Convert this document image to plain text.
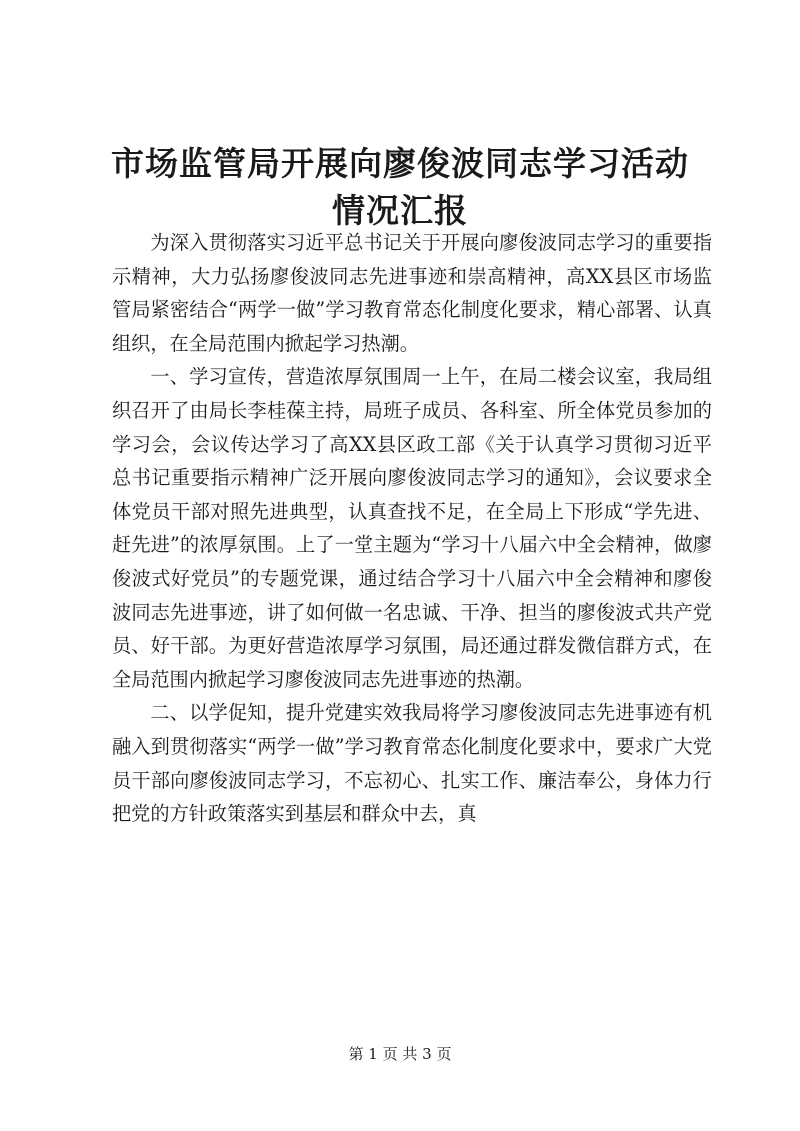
市场监管局开展向廖俊波同志学习活动情况汇报

为深入贯彻落实习近平总书记关于开展向廖俊波同志学习的重要指示精神，大力弘扬廖俊波同志先进事迹和崇高精神，高XX县区市场监管局紧密结合“两学一做”学习教育常态化制度化要求，精心部署、认真组织，在全局范围内掀起学习热潮。

一、学习宣传，营造浓厚氛围周一上午，在局二楼会议室，我局组织召开了由局长李桂葆主持，局班子成员、各科室、所全体党员参加的学习会，会议传达学习了高XX县区政工部《关于认真学习贯彻习近平总书记重要指示精神广泛开展向廖俊波同志学习的通知》，会议要求全体党员干部对照先进典型，认真查找不足，在全局上下形成“学先进、赶先进”的浓厚氛围。上了一堂主题为“学习十八届六中全会精神，做廖俊波式好党员”的专题党课，通过结合学习十八届六中全会精神和廖俊波同志先进事迹，讲了如何做一名忠诚、干净、担当的廖俊波式共产党员、好干部。为更好营造浓厚学习氛围，局还通过群发微信群方式，在全局范围内掀起学习廖俊波同志先进事迹的热潮。

二、以学促知，提升党建实效我局将学习廖俊波同志先进事迹有机融入到贯彻落实“两学一做”学习教育常态化制度化要求中，要求广大党员干部向廖俊波同志学习，不忘初心、扎实工作、廉洁奉公，身体力行把党的方针政策落实到基层和群众中去，真

第 1 页 共 3 页
